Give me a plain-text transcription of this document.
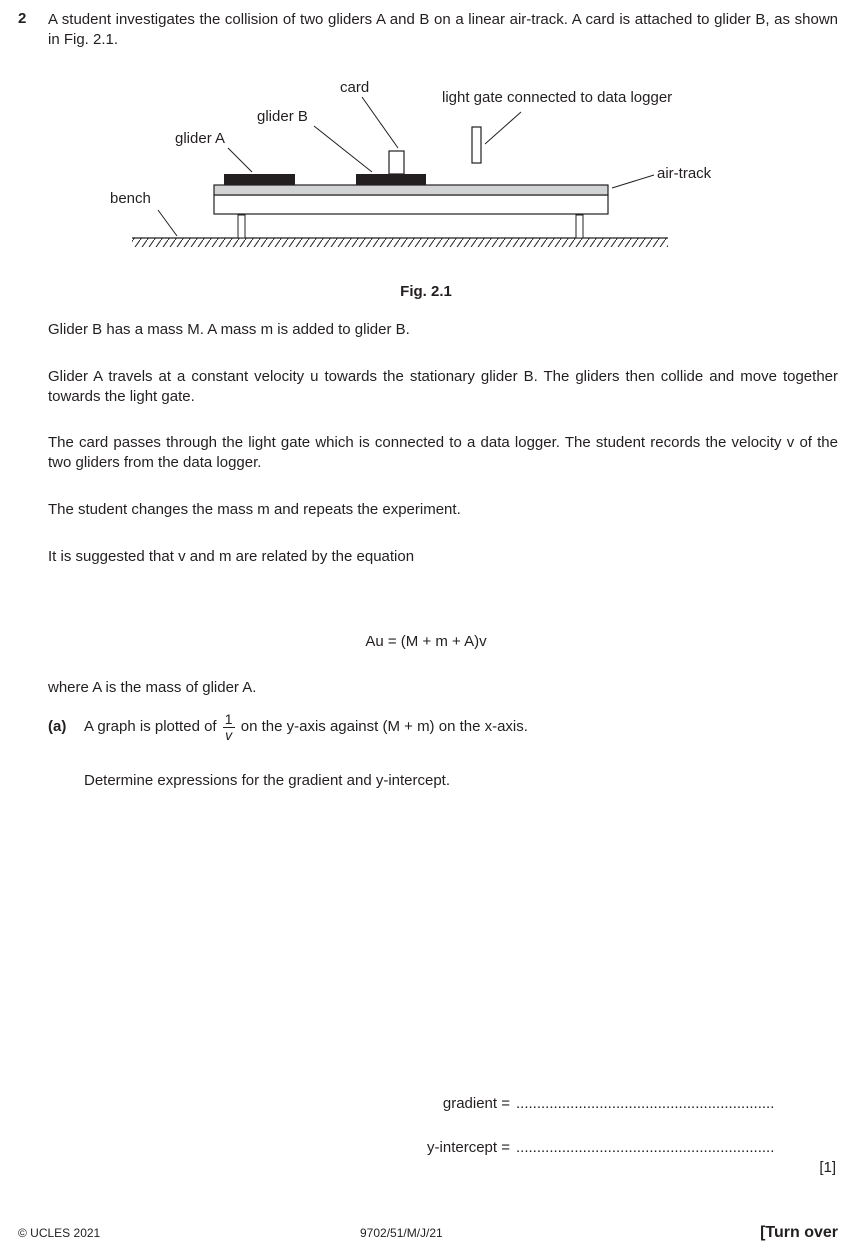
2 A student investigates the collision of two gliders A and B on a linear air-track. A card is attached to glider B, as shown in Fig. 2.1.
card
light gate connected to data logger
glider B
glider A
air-track
bench
Fig. 2.1
Glider B has a mass M. A mass m is added to glider B.
Glider A travels at a constant velocity u towards the stationary glider B. The gliders then collide and move together towards the light gate.
The card passes through the light gate which is connected to a data logger. The student records the velocity v of the two gliders from the data logger.
The student changes the mass m and repeats the experiment.
It is suggested that v and m are related by the equation
Au = (M + m + A)v
where A is the mass of glider A.
(a) A graph is plotted of $\frac{1}{v}$ on the y-axis against (M + m) on the x-axis.
Determine expressions for the gradient and y-intercept.
gradient = ..............................................................
y-intercept = ..............................................................
[1]
© UCLES 2021	9702/51/M/J/21	[Turn over
